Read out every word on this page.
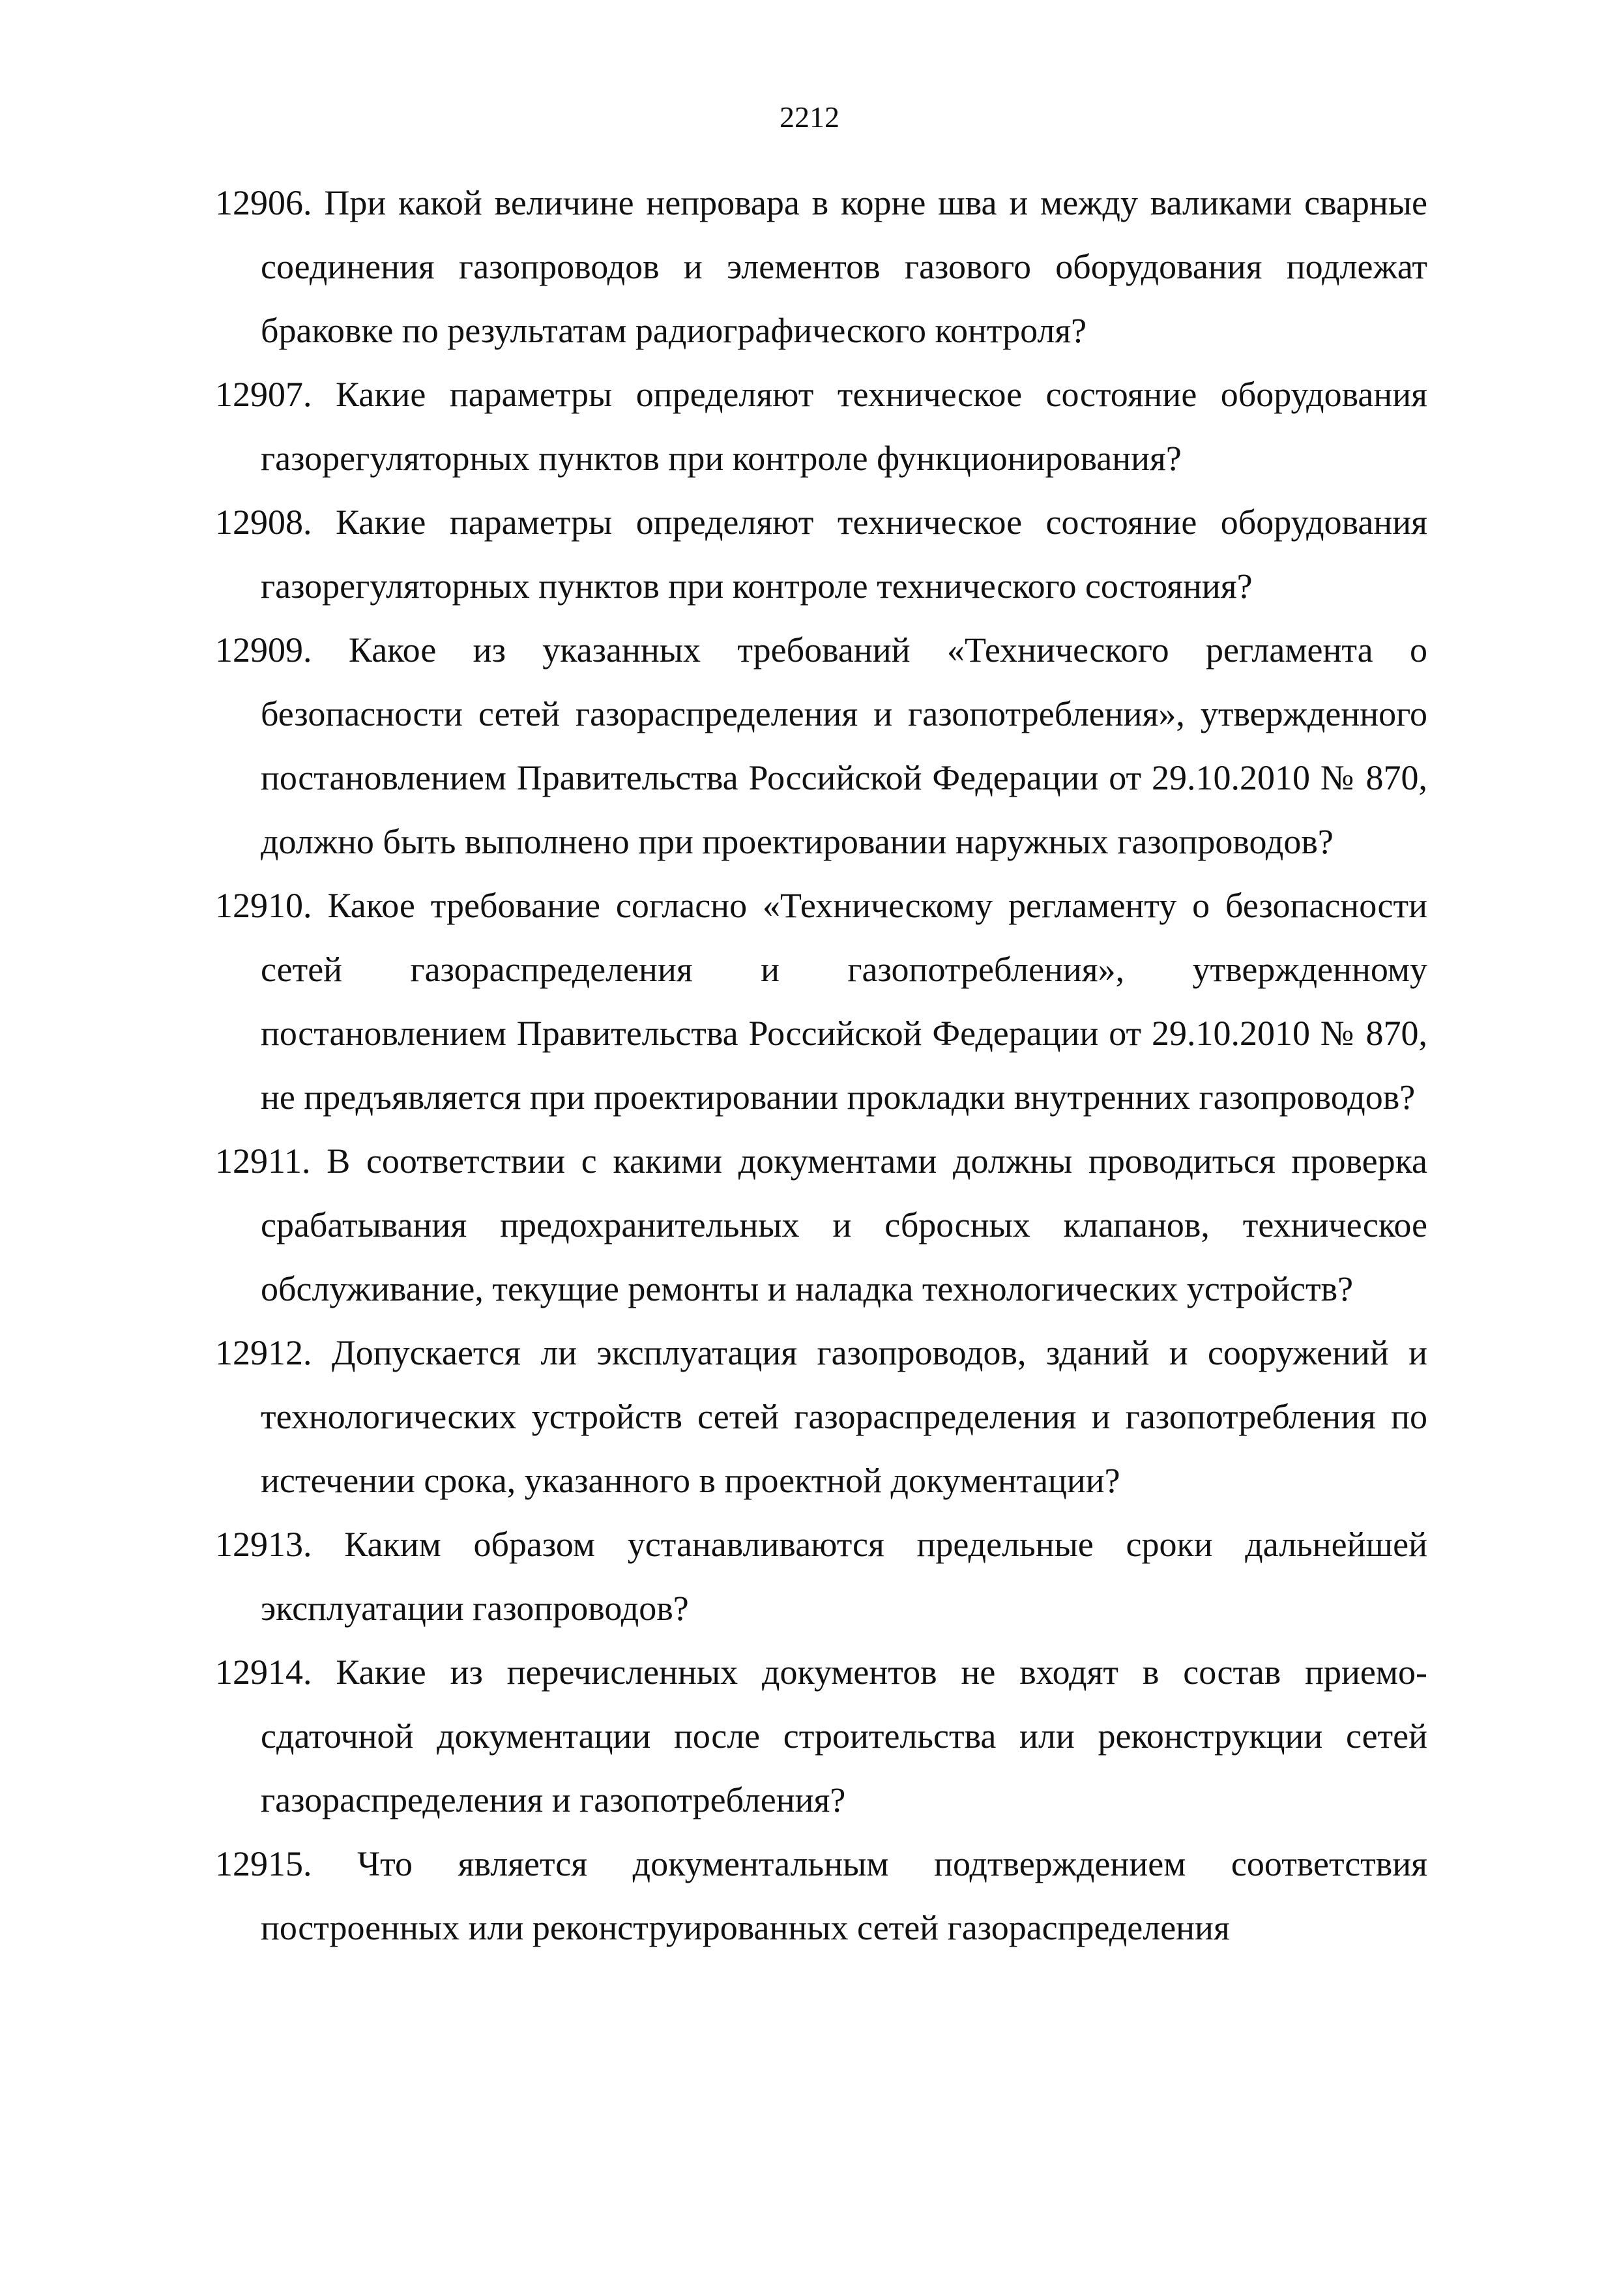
2212
12906. При какой величине непровара в корне шва и между валиками сварные соединения газопроводов и элементов газового оборудования подлежат браковке по результатам радиографического контроля?
12907. Какие параметры определяют техническое состояние оборудования газорегуляторных пунктов при контроле функционирования?
12908. Какие параметры определяют техническое состояние оборудования газорегуляторных пунктов при контроле технического состояния?
12909. Какое из указанных требований «Технического регламента о безопасности сетей газораспределения и газопотребления», утвержденного постановлением Правительства Российской Федерации от 29.10.2010 № 870, должно быть выполнено при проектировании наружных газопроводов?
12910. Какое требование согласно «Техническому регламенту о безопасности сетей газораспределения и газопотребления», утвержденному постановлением Правительства Российской Федерации от 29.10.2010 № 870, не предъявляется при проектировании прокладки внутренних газопроводов?
12911. В соответствии с какими документами должны проводиться проверка срабатывания предохранительных и сбросных клапанов, техническое обслуживание, текущие ремонты и наладка технологических устройств?
12912. Допускается ли эксплуатация газопроводов, зданий и сооружений и технологических устройств сетей газораспределения и газопотребления по истечении срока, указанного в проектной документации?
12913. Каким образом устанавливаются предельные сроки дальнейшей эксплуатации газопроводов?
12914. Какие из перечисленных документов не входят в состав приемо-сдаточной документации после строительства или реконструкции сетей газораспределения и газопотребления?
12915. Что является документальным подтверждением соответствия построенных или реконструированных сетей газораспределения
